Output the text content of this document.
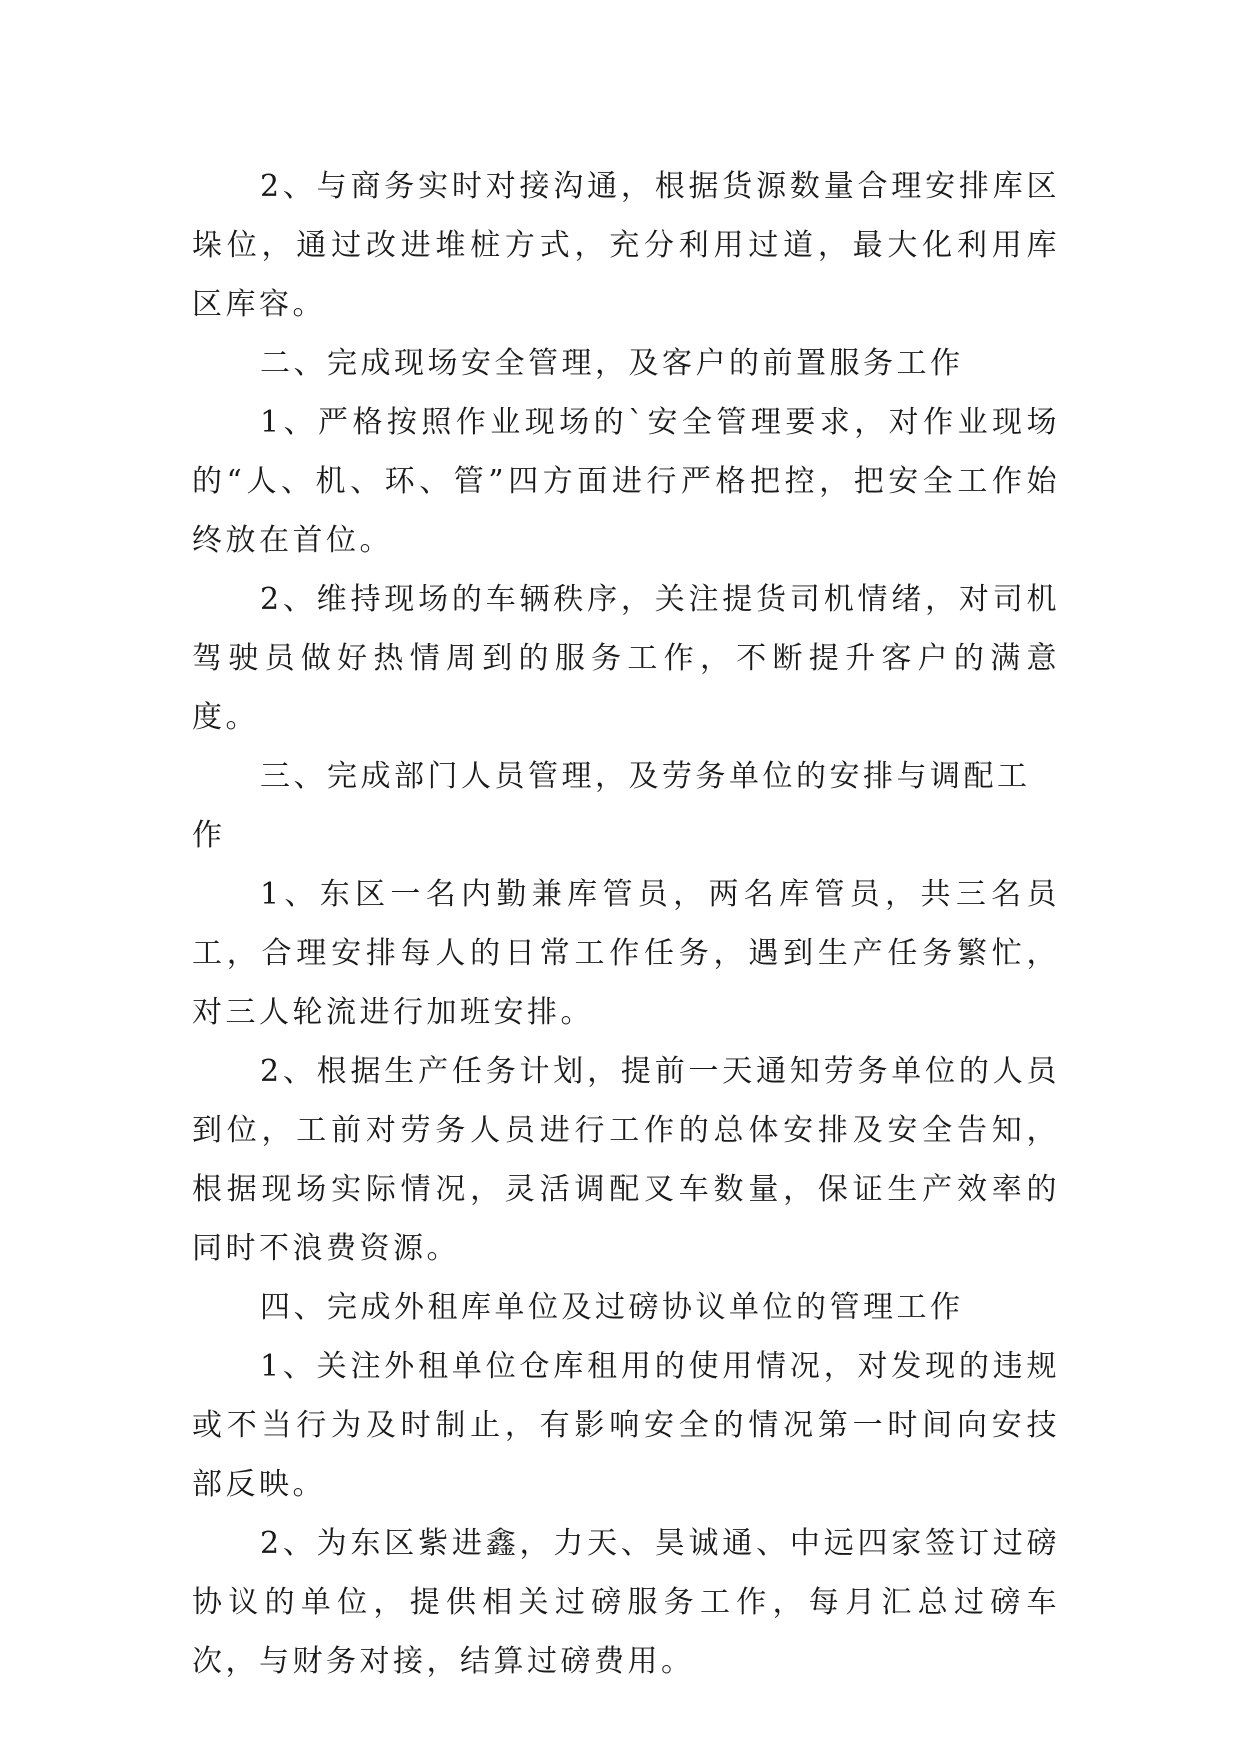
2、与商务实时对接沟通，根据货源数量合理安排库区垛位，通过改进堆桩方式，充分利用过道，最大化利用库区库容。

二、完成现场安全管理，及客户的前置服务工作

1、严格按照作业现场的`安全管理要求，对作业现场的“人、机、环、管”四方面进行严格把控，把安全工作始终放在首位。

2、维持现场的车辆秩序，关注提货司机情绪，对司机驾驶员做好热情周到的服务工作，不断提升客户的满意度。

三、完成部门人员管理，及劳务单位的安排与调配工作

1、东区一名内勤兼库管员，两名库管员，共三名员工，合理安排每人的日常工作任务，遇到生产任务繁忙，对三人轮流进行加班安排。

2、根据生产任务计划，提前一天通知劳务单位的人员到位，工前对劳务人员进行工作的总体安排及安全告知，根据现场实际情况，灵活调配叉车数量，保证生产效率的同时不浪费资源。

四、完成外租库单位及过磅协议单位的管理工作

1、关注外租单位仓库租用的使用情况，对发现的违规或不当行为及时制止，有影响安全的情况第一时间向安技部反映。

2、为东区紫进鑫，力天、昊诚通、中远四家签订过磅协议的单位，提供相关过磅服务工作，每月汇总过磅车次，与财务对接，结算过磅费用。
